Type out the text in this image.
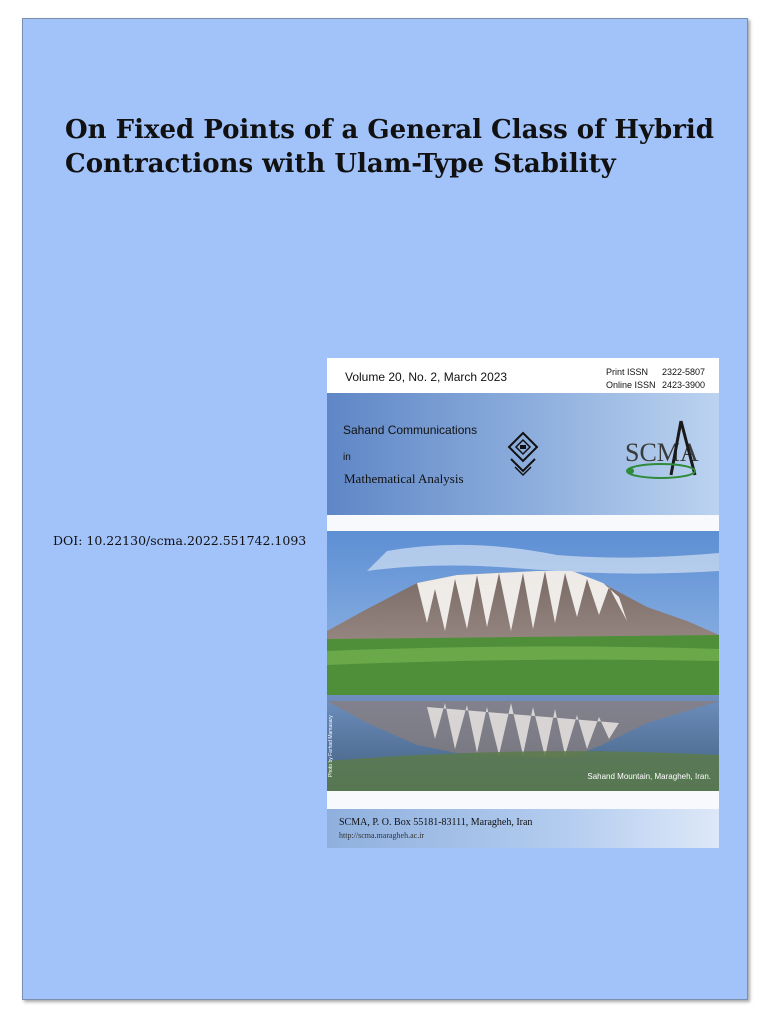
On Fixed Points of a General Class of Hybrid
Contractions with Ulam-Type Stability
DOI: 10.22130/scma.2022.551742.1093
Volume 20, No. 2, March 2023	Print ISSN 2322-5807
Online ISSN 2423-3900
Sahand Communications
in
Mathematical Analysis
SCMA
Photo by Farhad Mamasary	Sahand Mountain, Maragheh, Iran.
SCMA, P. O. Box 55181-83111, Maragheh, Iran
http://scma.maragheh.ac.ir
